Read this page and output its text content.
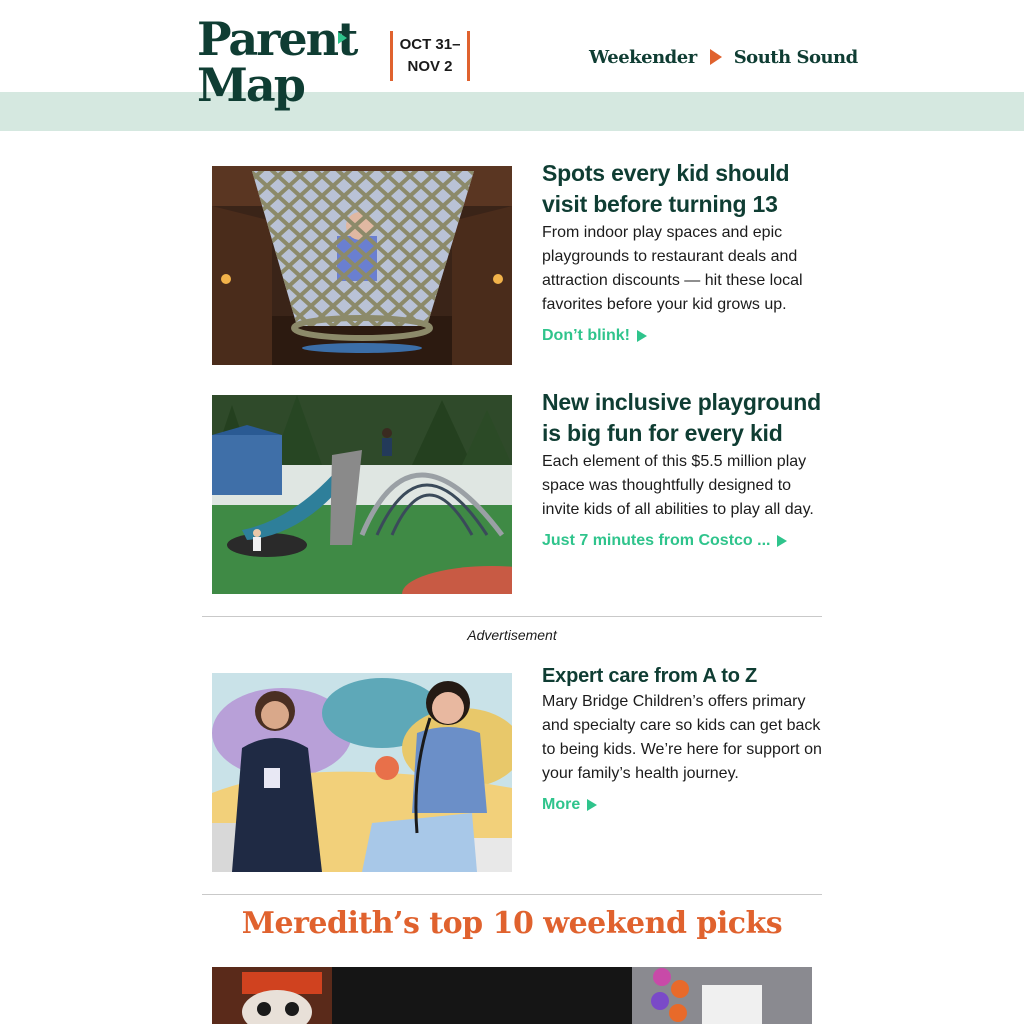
Parent
Map
OCT 31–
NOV 2	Weekender South Sound
Spots every kid should visit before turning 13
From indoor play spaces and epic playgrounds to restaurant deals and attraction discounts — hit these local favorites before your kid grows up.
Don’t blink!
New inclusive playground is big fun for every kid
Each element of this $5.5 million play space was thoughtfully designed to invite kids of all abilities to play all day.
Just 7 minutes from Costco ...
Advertisement
Expert care from A to Z
Mary Bridge Children’s offers primary and specialty care so kids can get back to being kids. We’re here for support on your family’s health journey.
More
Meredith’s top 10 weekend picks
